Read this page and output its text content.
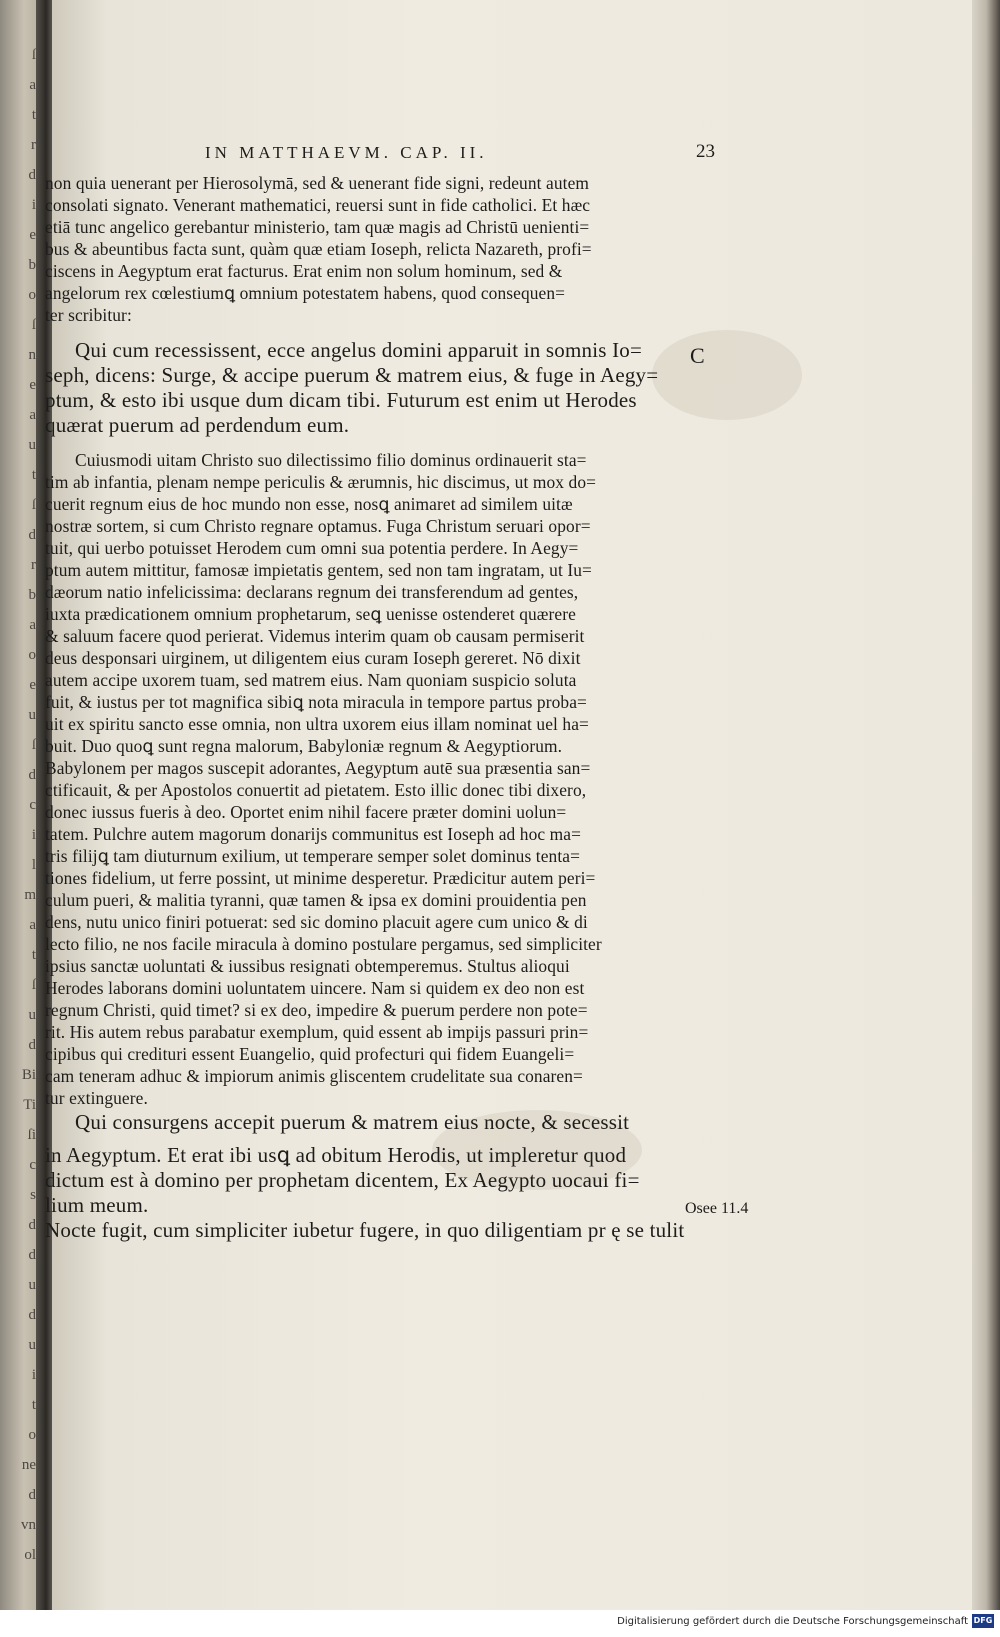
ſ
a
t
r
d
i
e
b
o
ſ
n
e
a
u
t
ſ
d
r
b
a
o
e
u
ſ
d
c
i
l
m
a
t
ſ
u
d
Bi
Ti
ſi
c
s
d
d
u
d
u
i
t
o
ne
d
vn
ol
IN MATTHAEVM. CAP. II.	23
non quia uenerant per Hierosolymā, sed & uenerant fide signi, redeunt autem
consolati signato. Venerant mathematici, reuersi sunt in fide catholici. Et hæc
etiā tunc angelico gerebantur ministerio, tam quæ magis ad Christū uenienti=
bus & abeuntibus facta sunt, quàm quæ etiam Ioseph, relicta Nazareth, profi=
ciscens in Aegyptum erat facturus. Erat enim non solum hominum, sed &
angelorum rex cœlestiumꝗ omnium potestatem habens, quod consequen=
ter scribitur:
Qui cum recessissent, ecce angelus domini apparuit in somnis Io=
seph, dicens: Surge, & accipe puerum & matrem eius, & fuge in Aegy=
ptum, & esto ibi usque dum dicam tibi. Futurum est enim ut Herodes
quærat puerum ad perdendum eum.
Cuiusmodi uitam Christo suo dilectissimo filio dominus ordinauerit sta=
tim ab infantia, plenam nempe periculis & ærumnis, hic discimus, ut mox do=
cuerit regnum eius de hoc mundo non esse, nosꝗ animaret ad similem uitæ
nostræ sortem, si cum Christo regnare optamus. Fuga Christum seruari opor=
tuit, qui uerbo potuisset Herodem cum omni sua potentia perdere. In Aegy=
ptum autem mittitur, famosæ impietatis gentem, sed non tam ingratam, ut Iu=
dæorum natio infelicissima: declarans regnum dei transferendum ad gentes,
iuxta prædicationem omnium prophetarum, seꝗ uenisse ostenderet quærere
& saluum facere quod perierat. Videmus interim quam ob causam permiserit
deus desponsari uirginem, ut diligentem eius curam Ioseph gereret. Nō dixit
autem accipe uxorem tuam, sed matrem eius. Nam quoniam suspicio soluta
fuit, & iustus per tot magnifica sibiꝗ nota miracula in tempore partus proba=
uit ex spiritu sancto esse omnia, non ultra uxorem eius illam nominat uel ha=
buit. Duo quoꝗ sunt regna malorum, Babyloniæ regnum & Aegyptiorum.
Babylonem per magos suscepit adorantes, Aegyptum autē sua præsentia san=
ctificauit, & per Apostolos conuertit ad pietatem. Esto illic donec tibi dixero,
donec iussus fueris à deo. Oportet enim nihil facere præter domini uolun=
tatem. Pulchre autem magorum donarijs communitus est Ioseph ad hoc ma=
tris filijꝗ tam diuturnum exilium, ut temperare semper solet dominus tenta=
tiones fidelium, ut ferre possint, ut minime desperetur. Prædicitur autem peri=
culum pueri, & malitia tyranni, quæ tamen & ipsa ex domini prouidentia pen
dens, nutu unico finiri potuerat: sed sic domino placuit agere cum unico & di
lecto filio, ne nos facile miracula à domino postulare pergamus, sed simpliciter
ipsius sanctæ uoluntati & iussibus resignati obtemperemus. Stultus alioqui
Herodes laborans domini uoluntatem uincere. Nam si quidem ex deo non est
regnum Christi, quid timet? si ex deo, impedire & puerum perdere non pote=
rit. His autem rebus parabatur exemplum, quid essent ab impijs passuri prin=
cipibus qui crediturі essent Euangelio, quid profecturi qui fidem Euangeli=
cam teneram adhuc & impiorum animis gliscentem crudelitate sua conaren=
tur extinguere.
Qui consurgens accepit puerum & matrem eius nocte, & secessit
in Aegyptum. Et erat ibi usꝗ ad obitum Herodis, ut impleretur quod
dictum est à domino per prophetam dicentem, Ex Aegypto uocaui fi=
lium meum.
Nocte fugit, cum simpliciter iubetur fugere, in quo diligentiam pr ę se tulit
C
Osee 11.4
Digitalisierung gefördert durch die Deutsche Forschungsgemeinschaft DFG
